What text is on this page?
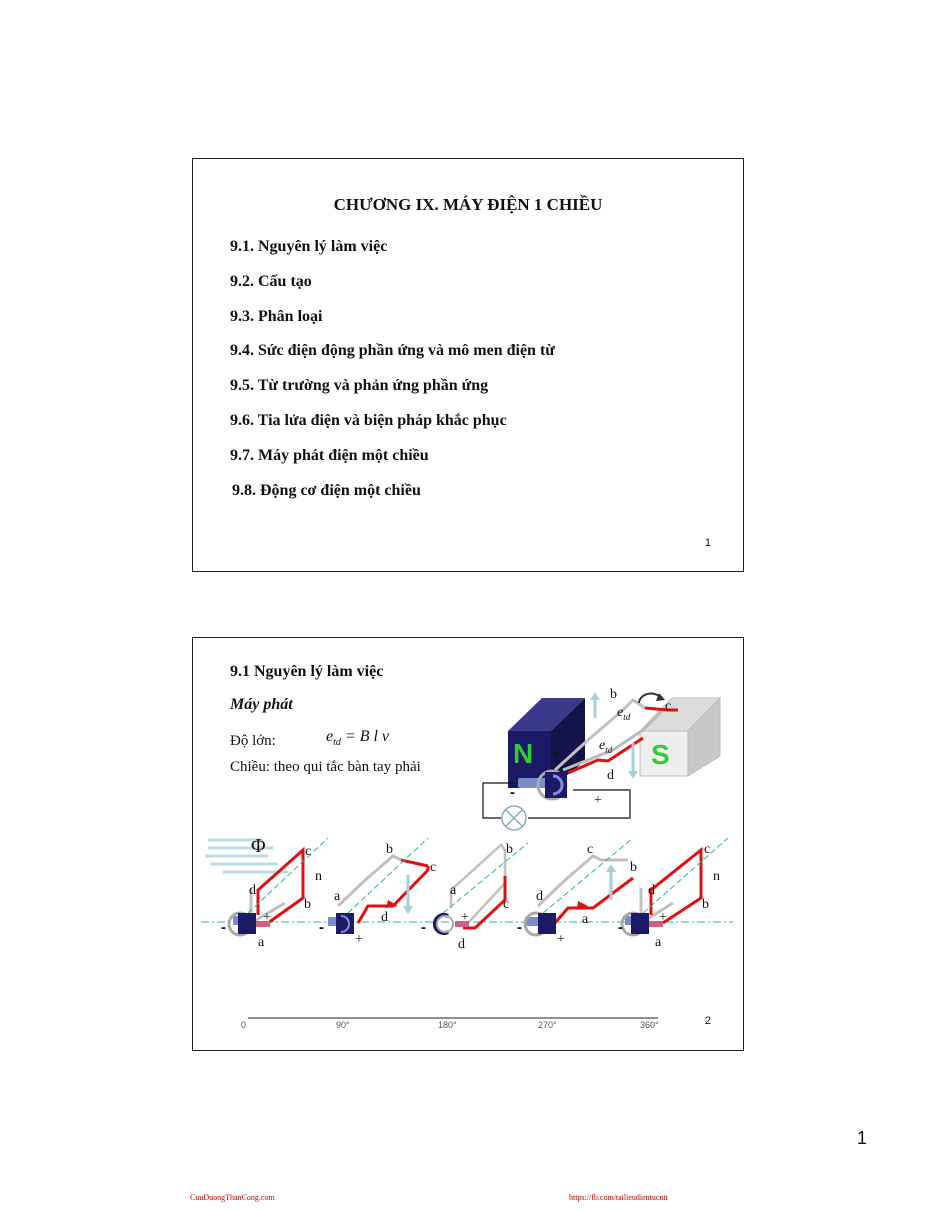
CHƯƠNG IX. MÁY ĐIỆN 1 CHIỀU
9.1. Nguyên lý làm việc
9.2. Cấu tạo
9.3. Phân loại
9.4. Sức điện động phần ứng và mô men điện từ
9.5. Từ trường và phản ứng phần ứng
9.6. Tia lửa điện và biện pháp khắc phục
9.7. Máy phát điện một chiều
9.8. Động cơ điện một chiều
1
9.1 Nguyên lý làm việc
Máy phát
Độ lớn:	$e_{td} = B$ l v
Chiều: theo qui tắc bàn tay phải	N	S
b
c
a
d
$e_{td}$
$e_{td}$
-	+
Φ	c
n
d
b
+
-
a
b
c
a
d
-
+
b
a
c
+
-
d
c
b
d
a
-
+
c
n
d
b
+
-
a
0	90°	180°	270°	360°	2
1
CuuDuongThanCong.com	https://fb.com/tailieudientucntt
